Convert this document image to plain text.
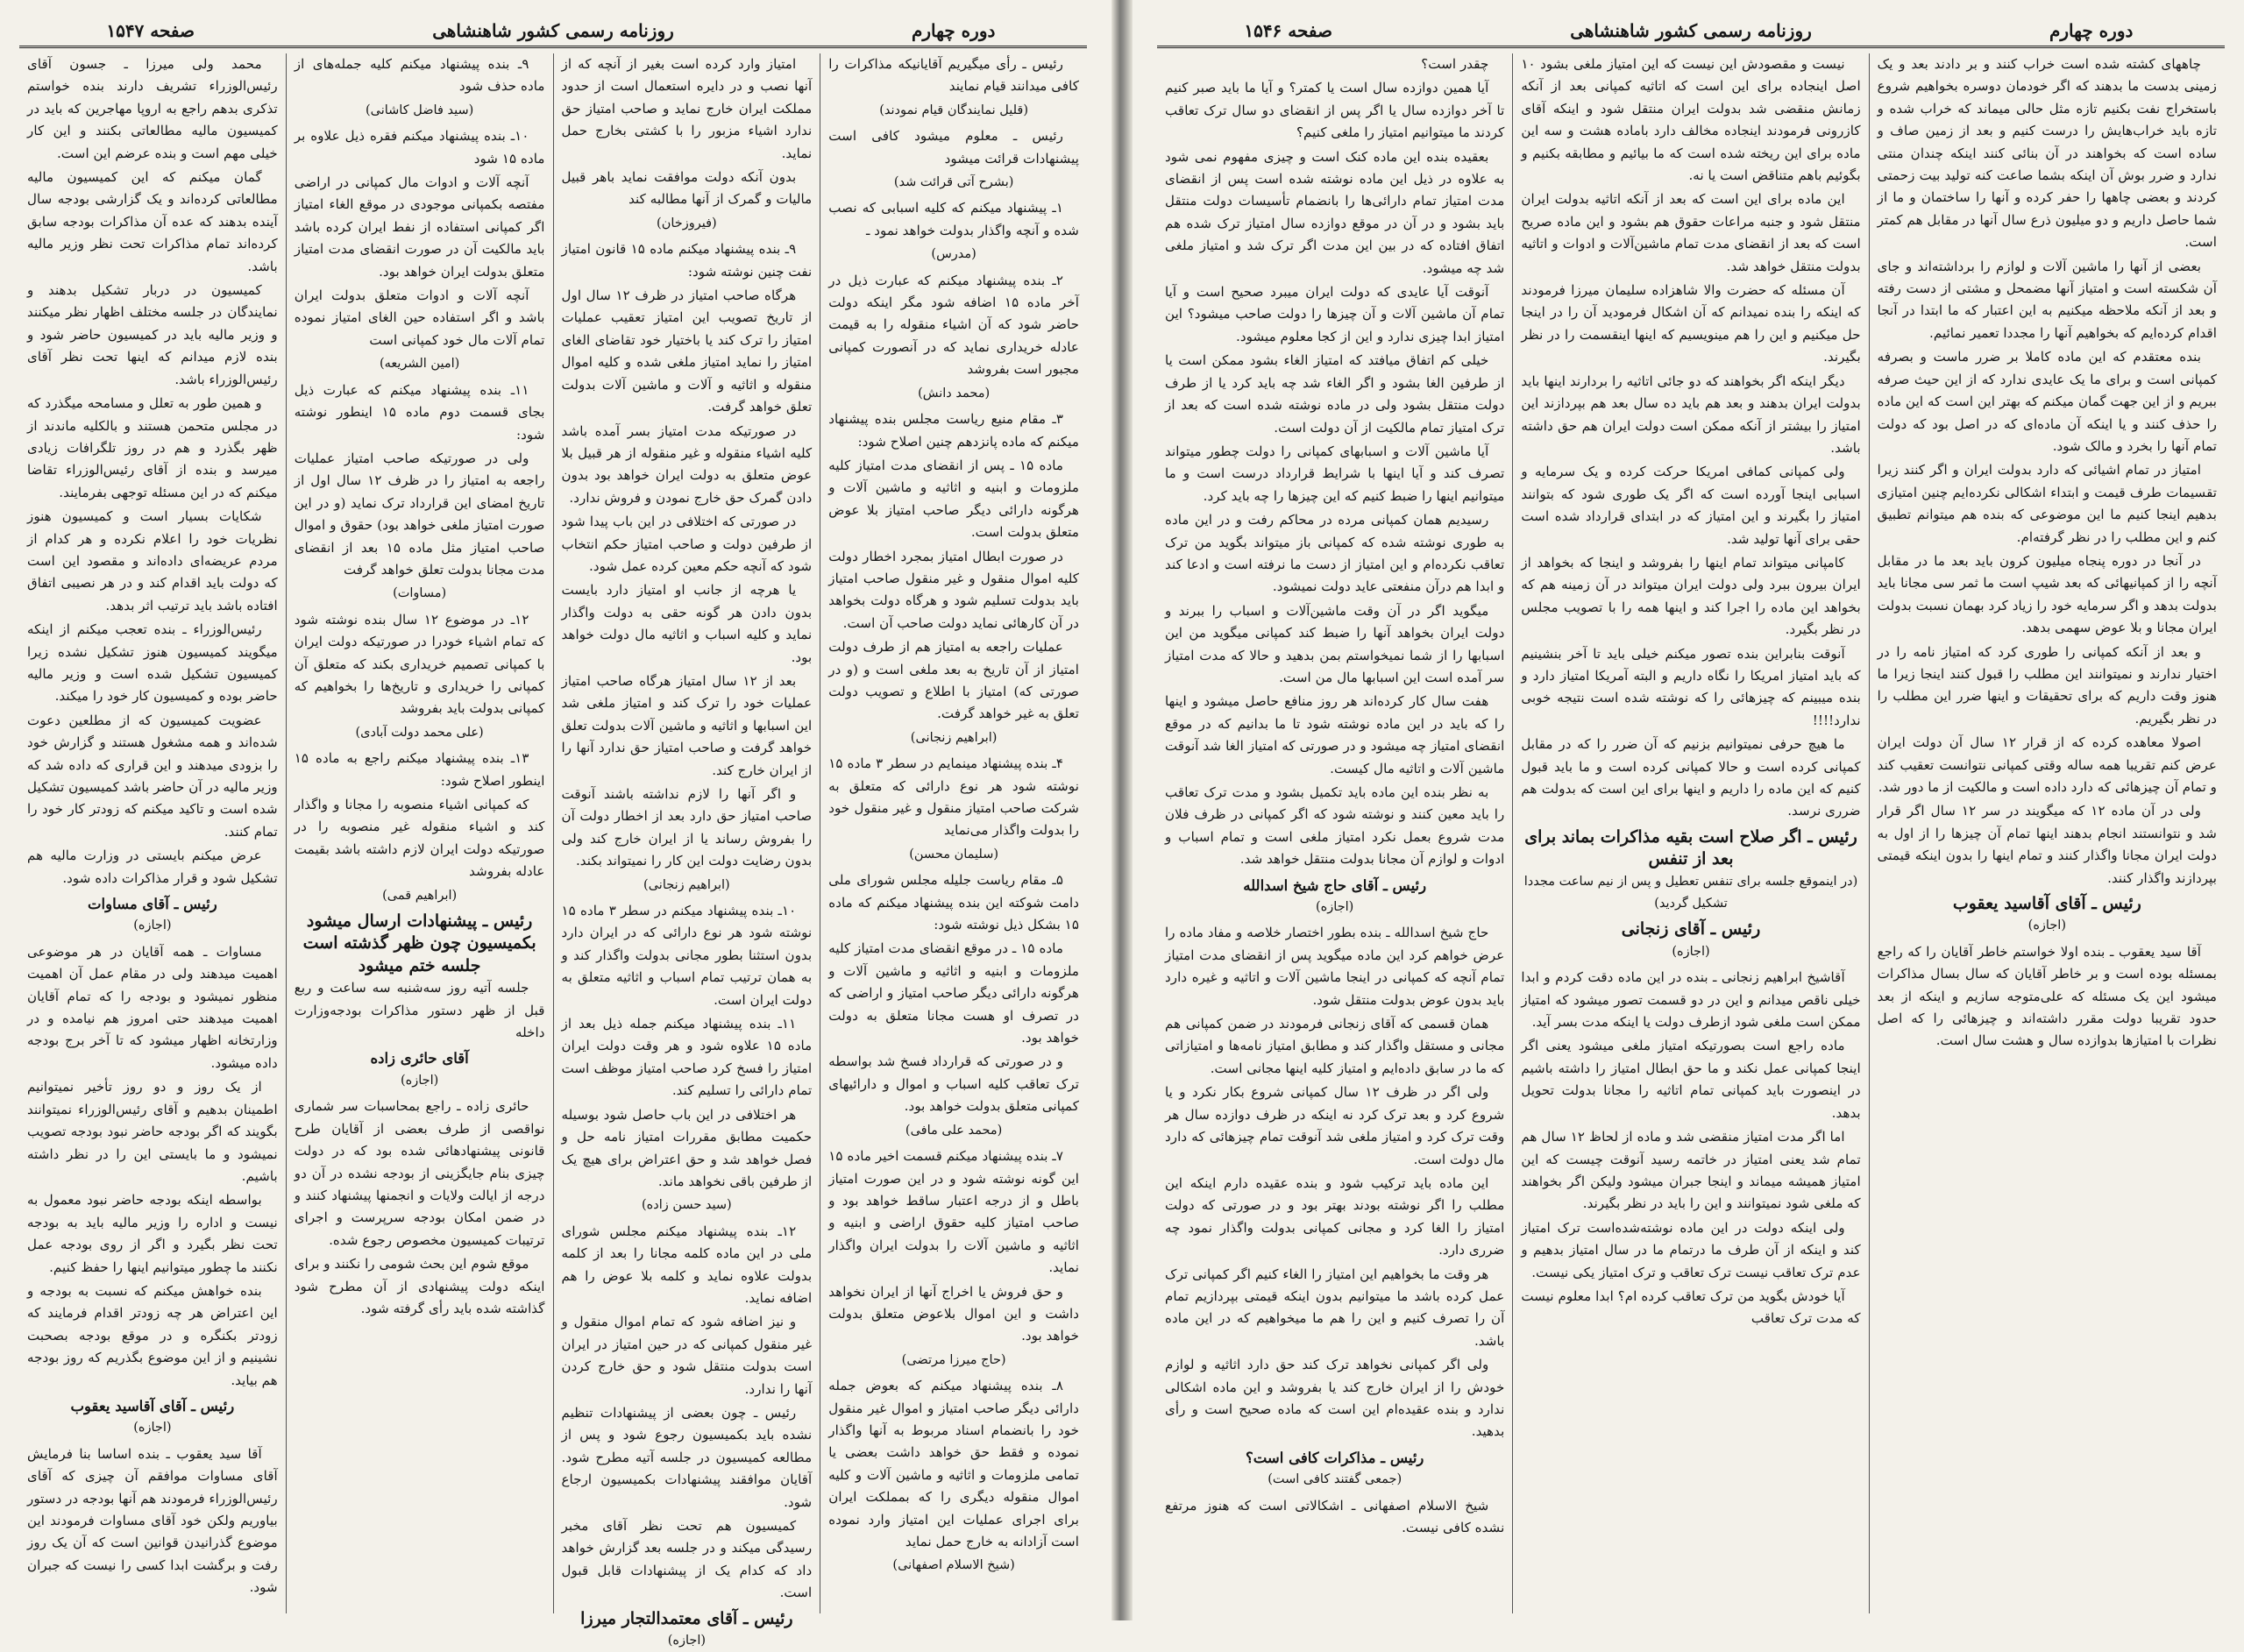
صفحه ۱۵۴۶	روزنامه رسمی کشور شاهنشاهی	دوره چهارم

چاههای کشته شده است خراب کنند و بر دادند بعد و یک زمینی بدست ما بدهند که اگر خودمان دوسره بخواهیم شروع باستخراج نفت بکنیم تازه مثل حالی میماند که خراب شده و تازه باید خراب‌هایش را درست کنیم و بعد از زمین صاف و ساده است که بخواهند در آن بنائی کنند اینکه چندان منتی ندارد و ضرر بوش آن اینکه بشما صاعت کنه تولید بیت زحمتی کردند و بعضی چاهها را حفر کرده و آنها را ساختمان و ما از شما حاصل داریم و دو میلیون ذرع سال آنها در مقابل هم کمتر است.

بعضی از آنها را ماشین آلات و لوازم را برداشته‌اند و جای آن شکسته است و امتیاز آنها مضمحل و مشتی از دست رفته و بعد از آنکه ملاحظه میکنیم به این اعتبار که ما ابتدا در آنجا اقدام کرده‌ایم که بخواهیم آنها را مجددا تعمیر نمائیم.

بنده معتقدم که این ماده کاملا بر ضرر ماست و بصرفه کمپانی است و برای ما یک عایدی ندارد که از این حیث صرفه ببریم و از این جهت گمان میکنم که بهتر این است که این ماده را حذف کنند و یا اینکه آن ماده‌ای که در اصل بود که دولت تمام آنها را بخرد و مالک شود.

امتیاز در تمام اشیائی که دارد بدولت ایران و اگر کنند زیرا تقسیمات طرف قیمت و ابتداء اشکالی نکرده‌ایم چنین امتیازی بدهیم اینجا کنیم ما این موضوعی که بنده هم میتوانم تطبیق کنم و این مطلب را در نظر گرفته‌ام.

در آنجا در دوره پنجاه میلیون کرون باید بعد ما در مقابل آنچه را از کمپانیهائی که بعد شیپ است ما ثمر سی مجانا باید بدولت بدهد و اگر سرمایه خود را زیاد کرد بهمان نسبت بدولت ایران مجانا و بلا عوض سهمی بدهد.

و بعد از آنکه کمپانی را طوری کرد که امتیاز نامه را در اختیار ندارند و نمیتوانند این مطلب را قبول کنند اینجا زیرا ما هنوز وقت داریم که برای تحقیقات و اینها ضرر این مطلب را در نظر بگیریم.

اصولا معاهده کرده که از قرار ۱۲ سال آن دولت ایران عرض کنم تقریبا همه ساله وقتی کمپانی نتوانست تعقیب کند و تمام آن چیزهائی که دارد داده است و مالکیت از ما دور شد.

ولی در آن ماده ۱۲ که میگویند در سر ۱۲ سال اگر قرار شد و نتوانستند انجام بدهند اینها تمام آن چیزها را از اول به دولت ایران مجانا واگذار کنند و تمام اینها را بدون اینکه قیمتی بپردازند واگذار کنند.

رئیس ـ آقای آقاسید یعقوب
(اجازه)

آقا سید یعقوب ـ بنده اولا خواستم خاطر آقایان را که راجع بمسئله بوده است و بر خاطر آقایان که سال بسال مذاکرات میشود این یک مسئله که علی‌متوجه سازیم و اینکه از بعد حدود تقریبا دولت مقرر داشته‌اند و چیزهائی را که اصل نظرات با امتیاز‌ها بدوازده سال و هشت سال است.

نیست و مقصودش این نیست که این امتیاز ملغی بشود ۱۰ اصل اینجاده برای این است که اتاثیه کمپانی بعد از آنکه زمانش منقضی شد بدولت ایران منتقل شود و اینکه آقای کازرونی فرمودند اینجاده مخالف دارد باماده هشت و سه این ماده برای این ریخته شده است که ما بیائیم و مطابقه بکنیم و بگوئیم باهم متناقض است یا نه.

این ماده برای این است که بعد از آنکه اتاثیه بدولت ایران منتقل شود و جنبه مراعات حقوق هم بشود و این ماده صریح است که بعد از انقضای مدت تمام ماشین‌آلات و ادوات و اتاثیه بدولت منتقل خواهد شد.

آن مسئله که حضرت والا شاهزاده سلیمان میرزا فرمودند که اینکه را بنده نمیدانم که آن اشکال فرمودید آن را در اینجا حل میکنیم و این را هم مینویسیم که اینها اینقسمت را در نظر بگیرند.

دیگر اینکه اگر بخواهند که دو جائی اتاثیه را بردارند اینها باید بدولت ایران بدهند و بعد هم باید ده سال بعد هم بپردازند این امتیاز را بیشتر از آنکه ممکن است دولت ایران هم حق داشته باشد.

ولی کمپانی کمافی امریکا حرکت کرده و یک سرمایه و اسبابی اینجا آورده است که اگر یک طوری شود که بتوانند امتیاز را بگیرند و این امتیاز که در ابتدای قرارداد شده است حقی برای آنها تولید شد.

کامپانی میتواند تمام اینها را بفروشد و اینجا که بخواهد از ایران بیرون ببرد ولی دولت ایران میتواند در آن زمینه هم که بخواهد این ماده را اجرا کند و اینها همه را با تصویب مجلس در نظر بگیرد.

آنوقت بنابراین بنده تصور میکنم خیلی باید تا آخر بنشینیم که باید امتیاز امریکا را نگاه داریم و البته آمریکا امتیاز دارد و بنده میبینم که چیزهائی را که نوشته شده است نتیجه خوبی ندارد!!!!

ما هیچ حرفی نمیتوانیم بزنیم که آن ضرر را که در مقابل کمپانی کرده است و حالا کمپانی کرده است و ما باید قبول کنیم که این ماده را داریم و اینها برای این است که بدولت هم ضرری نرسد.

رئیس ـ اگر صلاح است بقیه مذاکرات بماند برای بعد از تنفس
(در اینموقع جلسه برای تنفس تعطیل و پس از نیم ساعت مجددا تشکیل گردید)
رئیس ـ آقای زنجانی
(اجازه)

آقاشیخ ابراهیم زنجانی ـ بنده در این ماده دقت کردم و ابدا خیلی ناقص میدانم و این در دو قسمت تصور میشود که امتیاز ممکن است ملغی شود ازطرف دولت یا اینکه مدت بسر آید.

ماده راجع است بصورتیکه امتیاز ملغی میشود یعنی اگر اینجا کمپانی عمل نکند و ما حق ابطال امتیاز را داشته باشیم در اینصورت باید کمپانی تمام اتاثیه را مجانا بدولت تحویل بدهد.

اما اگر مدت امتیاز منقضی شد و ماده از لحاظ ۱۲ سال هم تمام شد یعنی امتیاز در خاتمه رسید آنوقت چیست که این امتیاز همیشه میماند و اینجا جبران میشود ولیکن اگر بخواهند که ملغی شود نمیتوانند و این را باید در نظر بگیرند.

ولی اینکه دولت در این ماده نوشته‌شده‌است ترک امتیاز کند و اینکه از آن طرف ما درتمام ما در سال امتیاز بدهیم و عدم ترک تعاقب نیست ترک تعاقب و ترک امتیاز یکی نیست.

آیا خودش بگوید من ترک تعاقب کرده ام؟ ابدا معلوم نیست که مدت ترک تعاقب

چقدر است؟

آیا همین دوازده سال است یا کمتر؟ و آیا ما باید صبر کنیم تا آخر دوازده سال یا اگر پس از انقضای دو سال ترک تعاقب کردند ما میتوانیم امتیاز را ملغی کنیم؟

بعقیده بنده این ماده کنک است و چیزی مفهوم نمی شود به علاوه در ذیل این ماده نوشته شده است پس از انقضای مدت امتیاز تمام دارائی‌ها را بانضمام تأسیسات دولت منتقل باید بشود و در آن در موقع دوازده سال امتیاز ترک شده هم اتفاق افتاده که در بین این مدت اگر ترک شد و امتیاز ملغی شد چه میشود.

آنوقت آیا عایدی که دولت ایران میبرد صحیح است و آیا تمام آن ماشین آلات و آن چیزها را دولت صاحب میشود؟ این امتیاز ابدا چیزی ندارد و این از کجا معلوم میشود.

خیلی کم اتفاق میافتد که امتیاز الغاء بشود ممکن است یا از طرفین الغا بشود و اگر الغاء شد چه باید کرد یا از طرف دولت منتقل بشود ولی در ماده نوشته شده است که بعد از ترک امتیاز تمام مالکیت از آن دولت است.

آیا ماشین آلات و اسبابهای کمپانی را دولت چطور میتواند تصرف کند و آیا اینها با شرایط قرارداد درست است و ما میتوانیم اینها را ضبط کنیم که این چیزها را چه باید کرد.

رسیدیم همان کمپانی مرده در محاکم رفت و در این ماده به طوری نوشته شده که کمپانی باز میتواند بگوید من ترک تعاقب نکرده‌ام و این امتیاز از دست ما نرفته است و ادعا کند و ابدا هم درآن منفعتی عاید دولت نمیشود.

میگوید اگر در آن وقت ماشین‌آلات و اسباب را ببرند و دولت ایران بخواهد آنها را ضبط کند کمپانی میگوید من این اسبابها را از شما نمیخواستم بمن بدهید و حالا که مدت امتیاز سر آمده است این اسبابها مال من است.

هفت سال کار کرده‌اند هر روز منافع حاصل میشود و اینها را که باید در این ماده نوشته شود تا ما بدانیم که در موقع انقضای امتیاز چه میشود و در صورتی که امتیاز الغا شد آنوقت ماشین آلات و اتاثیه مال کیست.

به نظر بنده این ماده باید تکمیل بشود و مدت ترک تعاقب را باید معین کنند و نوشته شود که اگر کمپانی در ظرف فلان مدت شروع بعمل نکرد امتیاز ملغی است و تمام اسباب و ادوات و لوازم آن مجانا بدولت منتقل خواهد شد.

رئیس ـ آقای حاج شیخ اسدالله
(اجازه)

حاج شیخ اسدالله ـ بنده بطور اختصار خلاصه و مفاد ماده را عرض خواهم کرد این ماده میگوید پس از انقضای مدت امتیاز تمام آنچه که کمپانی در اینجا ماشین آلات و اتاثیه و غیره دارد باید بدون عوض بدولت منتقل شود.

همان قسمی که آقای زنجانی فرمودند در ضمن کمپانی هم مجانی و مستقل واگذار کند و مطابق امتیاز نامه‌ها و امتیازاتی که ما در سابق داده‌ایم و امتیاز کلیه اینها مجانی است.

ولی اگر در ظرف ۱۲ سال کمپانی شروع بکار نکرد و یا شروع کرد و بعد ترک کرد نه اینکه در ظرف دوازده سال هر وقت ترک کرد و امتیاز ملغی شد آنوقت تمام چیزهائی که دارد مال دولت است.

این ماده باید ترکیب شود و بنده عقیده دارم اینکه این مطلب را اگر نوشته بودند بهتر بود و در صورتی که دولت امتیاز را الغا کرد و مجانی کمپانی بدولت واگذار نمود چه ضرری دارد.

هر وقت ما بخواهیم این امتیاز را الغاء کنیم اگر کمپانی ترک عمل کرده باشد ما میتوانیم بدون اینکه قیمتی بپردازیم تمام آن را تصرف کنیم و این را هم ما میخواهیم که در این ماده باشد.

ولی اگر کمپانی نخواهد ترک کند حق دارد اثاثیه و لوازم خودش را از ایران خارج کند یا بفروشد و این ماده اشکالی ندارد و بنده عقیده‌ام این است که ماده صحیح است و رأی بدهید.

رئیس ـ مذاکرات کافی است؟
(جمعی گفتند کافی است)

شیخ الاسلام اصفهانی ـ اشکالاتی است که هنوز مرتفع نشده کافی نیست.

صفحه ۱۵۴۷	روزنامه رسمی کشور شاهنشاهی	دوره چهارم

رئیس ـ رأی میگیریم آقایانیکه مذاکرات را کافی میدانند قیام نمایند

(قلیل نمایندگان قیام نمودند)

رئیس ـ معلوم میشود کافی است پیشنهادات قرائت میشود

(بشرح آتی قرائت شد)

۱ـ پیشنهاد میکنم که کلیه اسبابی که نصب شده و آنچه واگذار بدولت خواهد نمود ـ

(مدرس)

۲ـ بنده پیشنهاد میکنم که عبارت ذیل در آخر ماده ۱۵ اضافه شود مگر اینکه دولت حاضر شود که آن اشیاء منقوله را به قیمت عادله خریداری نماید که در آنصورت کمپانی مجبور است بفروشد

(محمد دانش)

۳ـ مقام منیع ریاست مجلس بنده پیشنهاد میکنم که ماده پانزدهم چنین اصلاح شود:

ماده ۱۵ ـ پس از انقضای مدت امتیاز کلیه ملزومات و ابنیه و اثاثیه و ماشین آلات و هرگونه دارائی دیگر صاحب امتیاز بلا عوض متعلق بدولت است.

در صورت ابطال امتیاز بمجرد اخطار دولت کلیه اموال منقول و غیر منقول صاحب امتیاز باید بدولت تسلیم شود و هرگاه دولت بخواهد در آن کارهائی نماید دولت صاحب آن است.

عملیات راجعه به امتیاز هم از طرف دولت امتیاز از آن تاریخ به بعد ملغی است و (و در صورتی که) امتیاز با اطلاع و تصویب دولت تعلق به غیر خواهد گرفت.

(ابراهیم زنجانی)

۴ـ بنده پیشنهاد مینمایم در سطر ۳ ماده ۱۵ نوشته شود هر نوع دارائی که متعلق به شرکت صاحب امتیاز منقول و غیر منقول خود را بدولت واگذار می‌نماید

(سلیمان محسن)

۵ـ مقام ریاست جلیله مجلس شورای ملی دامت شوکته این بنده پیشنهاد میکنم که ماده ۱۵ بشکل ذیل نوشته شود:

ماده ۱۵ ـ در موقع انقضای مدت امتیاز کلیه ملزومات و ابنیه و اثاثیه و ماشین آلات و هرگونه دارائی دیگر صاحب امتیاز و اراضی که در تصرف او هست مجانا متعلق به دولت خواهد بود.

و در صورتی که قرارداد فسخ شد بواسطه ترک تعاقب کلیه اسباب و اموال و دارائیهای کمپانی متعلق بدولت خواهد بود.

(محمد علی مافی)

۷ـ بنده پیشنهاد میکنم قسمت اخیر ماده ۱۵ این گونه نوشته شود و در این صورت امتیاز باطل و از درجه اعتبار ساقط خواهد بود و صاحب امتیاز کلیه حقوق اراضی و ابنیه و اثاثیه و ماشین آلات را بدولت ایران واگذار نماید.

و حق فروش یا اخراج آنها از ایران نخواهد داشت و این اموال بلاعوض متعلق بدولت خواهد بود.

(حاج میرزا مرتضی)

۸ـ بنده پیشنهاد میکنم که بعوض جمله دارائی دیگر صاحب امتیاز و اموال غیر منقول خود را بانضمام اسناد مربوط به آنها واگذار نموده و فقط حق خواهد داشت بعضی یا تمامی ملزومات و اثاثیه و ماشین آلات و کلیه اموال منقوله دیگری را که بمملکت ایران برای اجرای عملیات این امتیاز وارد نموده است آزادانه به خارج حمل نماید

(شیخ الاسلام اصفهانی)

امتیاز وارد کرده است بغیر از آنچه که از آنها نصب و در دایره استعمال است از حدود مملکت ایران خارج نماید و صاحب امتیاز حق ندارد اشیاء مزبور را با کشتی بخارج حمل نماید.

بدون آنکه دولت موافقت نماید باهر قبیل مالیات و گمرک از آنها مطالبه کند

(فیروزخان)

۹ـ بنده پیشنهاد میکنم ماده ۱۵ قانون امتیاز نفت چنین نوشته شود:

هرگاه صاحب امتیاز در ظرف ۱۲ سال اول از تاریخ تصویب این امتیاز تعقیب عملیات امتیاز را ترک کند یا باختیار خود تقاضای الغای امتیاز را نماید امتیاز ملغی شده و کلیه اموال منقوله و اثاثیه و آلات و ماشین آلات بدولت تعلق خواهد گرفت.

در صورتیکه مدت امتیاز بسر آمده باشد کلیه اشیاء منقوله و غیر منقوله از هر قبیل بلا عوض متعلق به دولت ایران خواهد بود بدون دادن گمرک حق خارج نمودن و فروش ندارد.

در صورتی که اختلافی در این باب پیدا شود از طرفین دولت و صاحب امتیاز حکم انتخاب شود که آنچه حکم معین کرده عمل شود.

یا هرچه از جانب او امتیاز دارد بایست بدون دادن هر گونه حقی به دولت واگذار نماید و کلیه اسباب و اثاثیه مال دولت خواهد بود.

بعد از ۱۲ سال امتیاز هرگاه صاحب امتیاز عملیات خود را ترک کند و امتیاز ملغی شد این اسبابها و اثاثیه و ماشین آلات بدولت تعلق خواهد گرفت و صاحب امتیاز حق ندارد آنها را از ایران خارج کند.

و اگر آنها را لازم نداشته باشند آنوقت صاحب امتیاز حق دارد بعد از اخطار دولت آن را بفروش رساند یا از ایران خارج کند ولی بدون رضایت دولت این کار را نمیتواند بکند.

(ابراهیم زنجانی)

۱۰ـ بنده پیشنهاد میکنم در سطر ۳ ماده ۱۵ نوشته شود هر نوع دارائی که در ایران دارد بدون استثنا بطور مجانی بدولت واگذار کند و به همان ترتیب تمام اسباب و اثاثیه متعلق به دولت ایران است.

۱۱ـ بنده پیشنهاد میکنم جمله ذیل بعد از ماده ۱۵ علاوه شود و هر وقت دولت ایران امتیاز را فسخ کرد صاحب امتیاز موظف است تمام دارائی را تسلیم کند.

هر اختلافی در این باب حاصل شود بوسیله حکمیت مطابق مقررات امتیاز نامه حل و فصل خواهد شد و حق اعتراض برای هیچ یک از طرفین باقی نخواهد ماند.

(سید حسن زاده)

۱۲ـ بنده پیشنهاد میکنم مجلس شورای ملی در این ماده کلمه مجانا را بعد از کلمه بدولت علاوه نماید و کلمه بلا عوض را هم اضافه نماید.

و نیز اضافه شود که تمام اموال منقول و غیر منقول کمپانی که در حین امتیاز در ایران است بدولت منتقل شود و حق خارج کردن آنها را ندارد.

رئیس ـ چون بعضی از پیشنهادات تنظیم نشده باید بکمیسیون رجوع شود و پس از مطالعه کمیسیون در جلسه آتیه مطرح شود. آقایان موافقند پیشنهادات بکمیسیون ارجاع شود.

کمیسیون هم تحت نظر آقای مخبر رسیدگی میکند و در جلسه بعد گزارش خواهد داد که کدام یک از پیشنهادات قابل قبول است.

رئیس ـ آقای معتمدالتجار میرزا
(اجازه)

۹ـ بنده پیشنهاد میکنم کلیه جمله‌های از ماده حذف شود

(سید فاضل کاشانی)

۱۰ـ بنده پیشنهاد میکنم فقره ذیل علاوه بر ماده ۱۵ شود

آنچه آلات و ادوات مال کمپانی در اراضی مفتصه بکمپانی موجودی در موقع الغاء امتیاز اگر کمپانی استفاده از نفط ایران کرده باشد باید مالکیت آن در صورت انقضای مدت امتیاز متعلق بدولت ایران خواهد بود.

آنچه آلات و ادوات متعلق بدولت ایران باشد و اگر استفاده حین الغای امتیاز نموده تمام آلات مال خود کمپانی است

(امین الشریعه)

۱۱ـ بنده پیشنهاد میکنم که عبارت ذیل بجای قسمت دوم ماده ۱۵ اینطور نوشته شود:

ولی در صورتیکه صاحب امتیاز عملیات راجعه به امتیاز را در ظرف ۱۲ سال اول از تاریخ امضای این قرارداد ترک نماید (و در این صورت امتیاز ملغی خواهد بود) حقوق و اموال صاحب امتیاز مثل ماده ۱۵ بعد از انقضای مدت مجانا بدولت تعلق خواهد گرفت

(مساوات)

۱۲ـ در موضوع ۱۲ سال بنده نوشته شود که تمام اشیاء خودرا در صورتیکه دولت ایران با کمپانی تصمیم خریداری بکند که متعلق آن کمپانی را خریداری و تاریخ‌ها را بخواهیم که کمپانی بدولت باید بفروشد

(علی محمد دولت آبادی)

۱۳ـ بنده پیشنهاد میکنم راجع به ماده ۱۵ اینطور اصلاح شود:

که کمپانی اشیاء منصوبه را مجانا و واگذار کند و اشیاء منقوله غیر منصوبه را در صورتیکه دولت ایران لازم داشته باشد بقیمت عادله بفروشد

(ابراهیم قمی)
رئیس ـ پیشنهادات ارسال میشود بکمیسیون چون ظهر گذشته است جلسه ختم میشود

جلسه آتیه روز سه‌شنبه سه ساعت و ربع قبل از ظهر دستور مذاکرات بودجه‌وزارت داخله

آقای حائری زاده
(اجازه)

حائری زاده ـ راجع بمحاسبات سر شماری نواقصی از طرف بعضی از آقایان طرح قانونی پیشنهادهائی شده بود که در دولت چیزی بنام جایگزینی از بودجه نشده در آن دو درجه از ایالت ولایات و انجمنها پیشنهاد کنند و در ضمن امکان بودجه سرپرست و اجرای ترتیبات کمیسیون مخصوص رجوع شده.

موقع شوم این بحث شومی را نکنند و برای اینکه دولت پیشنهادی از آن مطرح شود گذاشته شده باید رأی گرفته شود.

محمد ولی میرزا ـ جسون آقای رئیس‌الوزراء تشریف دارند بنده خواستم تذکری بدهم راجع به اروپا مهاجرین که باید در کمیسیون مالیه مطالعاتی بکنند و این کار خیلی مهم است و بنده عرضم این است.

گمان میکنم که این کمیسیون مالیه مطالعاتی کرده‌اند و یک گزارشی بودجه سال آینده بدهند که عده آن مذاکرات بودجه سابق کرده‌اند تمام مذاکرات تحت نظر وزیر مالیه باشد.

کمیسیون در دربار تشکیل بدهند و نمایندگان در جلسه مختلف اظهار نظر میکنند و وزیر مالیه باید در کمیسیون حاضر شود و بنده لازم میدانم که اینها تحت نظر آقای رئیس‌الوزراء باشد.

و همین طور به تعلل و مسامحه میگذرد که در مجلس متحمن هستند و بالکلیه ماندند از ظهر بگذرد و هم در روز تلگرافات زیادی میرسد و بنده از آقای رئیس‌الوزراء تقاضا میکنم که در این مسئله توجهی بفرمایند.

شکایات بسیار است و کمیسیون هنوز نظریات خود را اعلام نکرده و هر کدام از مردم عریضه‌ای داده‌اند و مقصود این است که دولت باید اقدام کند و در هر نصیبی اتفاق افتاده باشد باید ترتیب اثر بدهد.

رئیس‌الوزراء ـ بنده تعجب میکنم از اینکه میگویند کمیسیون هنوز تشکیل نشده زیرا کمیسیون تشکیل شده است و وزیر مالیه حاضر بوده و کمیسیون کار خود را میکند.

عضویت کمیسیون که از مطلعین دعوت شده‌اند و همه مشغول هستند و گزارش خود را بزودی میدهند و این قراری که داده شد که وزیر مالیه در آن حاضر باشد کمیسیون تشکیل شده است و تاکید میکنم که زودتر کار خود را تمام کنند.

عرض میکنم بایستی در وزارت مالیه هم تشکیل شود و قرار مذاکرات داده شود.

رئیس ـ آقای مساوات
(اجازه)

مساوات ـ همه آقایان در هر موضوعی اهمیت میدهند ولی در مقام عمل آن اهمیت منظور نمیشود و بودجه را که تمام آقایان اهمیت میدهند حتی امروز هم نیامده و در وزارتخانه اظهار میشود که تا آخر برج بودجه داده میشود.

از یک روز و دو روز تأخیر نمیتوانیم اطمینان بدهیم و آقای رئیس‌الوزراء نمیتوانند بگویند که اگر بودجه حاضر نبود بودجه تصویب نمیشود و ما بایستی این را در نظر داشته باشیم.

بواسطه اینکه بودجه حاضر نبود معمول به نیست و اداره را وزیر مالیه باید به بودجه تحت نظر بگیرد و اگر از روی بودجه عمل نکنند ما چطور میتوانیم اینها را حفظ کنیم.

بنده خواهش میکنم که نسبت به بودجه و این اعتراض هر چه زودتر اقدام فرمایند که زودتر بکنگره و در موقع بودجه بصحبت نشینیم و از این موضوع بگذریم که روز بودجه هم بیاید.

رئیس ـ آقای آقاسید یعقوب
(اجازه)

آقا سید یعقوب ـ بنده اساسا بنا فرمایش آقای مساوات موافقم آن چیزی که آقای رئیس‌الوزراء فرمودند هم آنها بودجه در دستور بیاوریم ولکن خود آقای مساوات فرمودند این موضوع گذرانیدن قوانین است که آن یک روز رفت و برگشت ابدا کسی را نیست که جبران شود.
